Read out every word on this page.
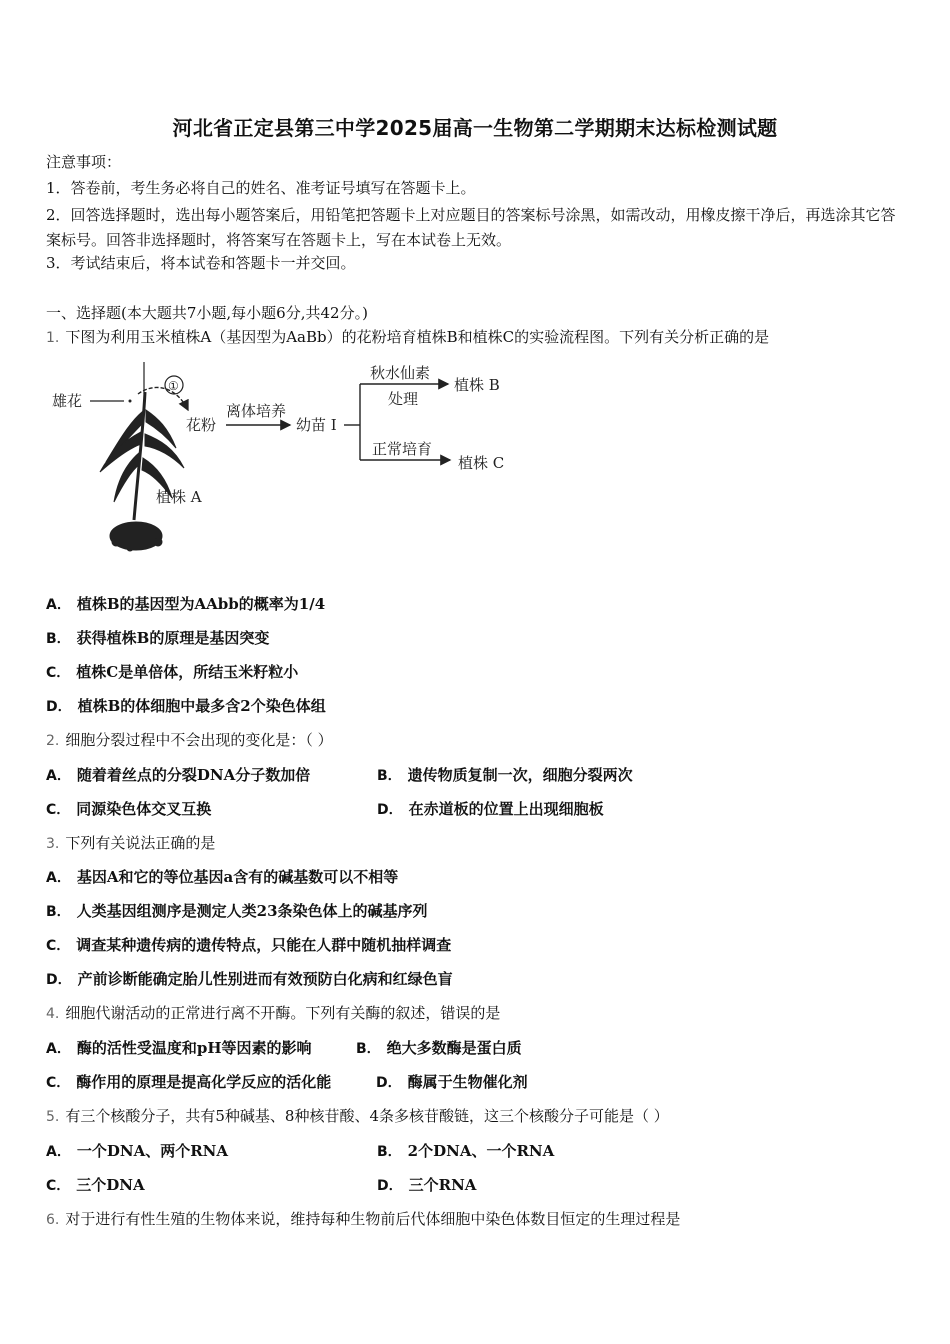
河北省正定县第三中学2025届高一生物第二学期期末达标检测试题
注意事项：
1．答卷前，考生务必将自己的姓名、准考证号填写在答题卡上。
2．回答选择题时，选出每小题答案后，用铅笔把答题卡上对应题目的答案标号涂黑，如需改动，用橡皮擦干净后，再选涂其它答案标号。回答非选择题时，将答案写在答题卡上，写在本试卷上无效。
3．考试结束后，将本试卷和答题卡一并交回。
一、选择题(本大题共7小题,每小题6分,共42分。)
1. 下图为利用玉米植株A（基因型为AaBb）的花粉培育植株B和植株C的实验流程图。下列有关分析正确的是
雄花
①
花粉
离体培养
幼苗 I
秋水仙素
处理
植株 B
正常培育
植株 C
植株 A
A． 植株B的基因型为AAbb的概率为1/4
B． 获得植株B的原理是基因突变
C． 植株C是单倍体，所结玉米籽粒小
D． 植株B的体细胞中最多含2个染色体组
2. 细胞分裂过程中不会出现的变化是：（ ）
A． 随着着丝点的分裂DNA分子数加倍	B． 遗传物质复制一次，细胞分裂两次
C． 同源染色体交叉互换	D． 在赤道板的位置上出现细胞板
3. 下列有关说法正确的是
A． 基因A和它的等位基因a含有的碱基数可以不相等
B． 人类基因组测序是测定人类23条染色体上的碱基序列
C． 调查某种遗传病的遗传特点，只能在人群中随机抽样调查
D． 产前诊断能确定胎儿性别进而有效预防白化病和红绿色盲
4. 细胞代谢活动的正常进行离不开酶。下列有关酶的叙述，错误的是
A． 酶的活性受温度和pH等因素的影响	B． 绝大多数酶是蛋白质
C． 酶作用的原理是提高化学反应的活化能	D． 酶属于生物催化剂
5. 有三个核酸分子，共有5种碱基、8种核苷酸、4条多核苷酸链，这三个核酸分子可能是（ ）
A． 一个DNA、两个RNA	B． 2个DNA、一个RNA
C． 三个DNA	D． 三个RNA
6. 对于进行有性生殖的生物体来说，维持每种生物前后代体细胞中染色体数目恒定的生理过程是
